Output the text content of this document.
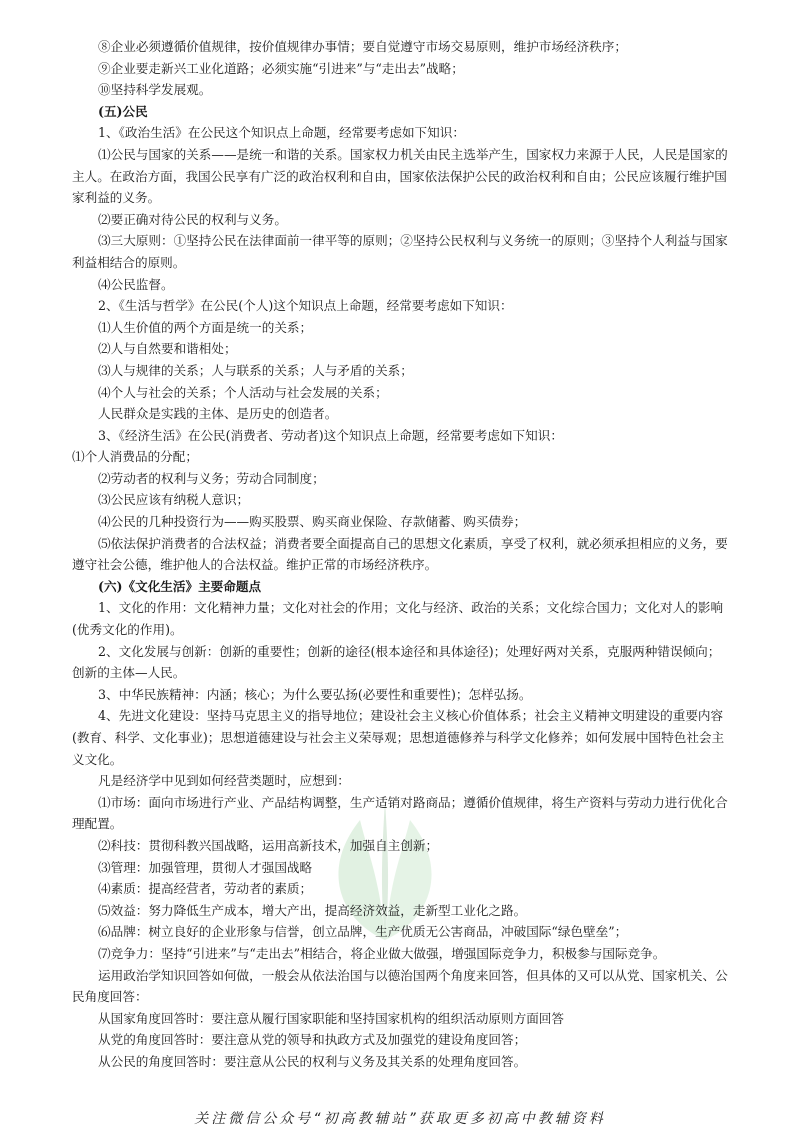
⑧企业必须遵循价值规律，按价值规律办事情；要自觉遵守市场交易原则，维护市场经济秩序；

⑨企业要走新兴工业化道路；必须实施“引进来”与“走出去”战略；

⑩坚持科学发展观。

(五)公民

1、《政治生活》在公民这个知识点上命题，经常要考虑如下知识：

⑴公民与国家的关系——是统一和谐的关系。国家权力机关由民主选举产生，国家权力来源于人民，人民是国家的主人。在政治方面，我国公民享有广泛的政治权利和自由，国家依法保护公民的政治权利和自由；公民应该履行维护国家利益的义务。

⑵要正确对待公民的权利与义务。

⑶三大原则：①坚持公民在法律面前一律平等的原则；②坚持公民权利与义务统一的原则；③坚持个人利益与国家利益相结合的原则。

⑷公民监督。

2、《生活与哲学》在公民(个人)这个知识点上命题，经常要考虑如下知识：

⑴人生价值的两个方面是统一的关系；

⑵人与自然要和谐相处；

⑶人与规律的关系；人与联系的关系；人与矛盾的关系；

⑷个人与社会的关系；个人活动与社会发展的关系；

人民群众是实践的主体、是历史的创造者。

3、《经济生活》在公民(消费者、劳动者)这个知识点上命题，经常要考虑如下知识：

⑴个人消费品的分配；

⑵劳动者的权利与义务；劳动合同制度；

⑶公民应该有纳税人意识；

⑷公民的几种投资行为——购买股票、购买商业保险、存款储蓄、购买债券；

⑸依法保护消费者的合法权益；消费者要全面提高自己的思想文化素质，享受了权利，就必须承担相应的义务，要遵守社会公德，维护他人的合法权益。维护正常的市场经济秩序。

(六)《文化生活》主要命题点

1、文化的作用：文化精神力量；文化对社会的作用；文化与经济、政治的关系；文化综合国力；文化对人的影响(优秀文化的作用)。

2、文化发展与创新：创新的重要性；创新的途径(根本途径和具体途径)；处理好两对关系，克服两种错误倾向；创新的主体—人民。

3、中华民族精神：内涵；核心；为什么要弘扬(必要性和重要性)；怎样弘扬。

4、先进文化建设：坚持马克思主义的指导地位；建设社会主义核心价值体系；社会主义精神文明建设的重要内容(教育、科学、文化事业)；思想道德建设与社会主义荣辱观；思想道德修养与科学文化修养；如何发展中国特色社会主义文化。

凡是经济学中见到如何经营类题时，应想到：

⑴市场：面向市场进行产业、产品结构调整，生产适销对路商品；遵循价值规律，将生产资料与劳动力进行优化合理配置。

⑵科技：贯彻科教兴国战略，运用高新技术，加强自主创新；

⑶管理：加强管理，贯彻人才强国战略

⑷素质：提高经营者，劳动者的素质；

⑸效益：努力降低生产成本，增大产出，提高经济效益，走新型工业化之路。

⑹品牌：树立良好的企业形象与信誉，创立品牌，生产优质无公害商品，冲破国际“绿色壁垒”；

⑺竞争力：坚持“引进来”与“走出去”相结合，将企业做大做强，增强国际竞争力，积极参与国际竞争。

运用政治学知识回答如何做，一般会从依法治国与以德治国两个角度来回答，但具体的又可以从党、国家机关、公民角度回答：

从国家角度回答时：要注意从履行国家职能和坚持国家机构的组织活动原则方面回答

从党的角度回答时：要注意从党的领导和执政方式及加强党的建设角度回答；

从公民的角度回答时：要注意从公民的权利与义务及其关系的处理角度回答。

关注微信公众号“初高教辅站”获取更多初高中教辅资料
